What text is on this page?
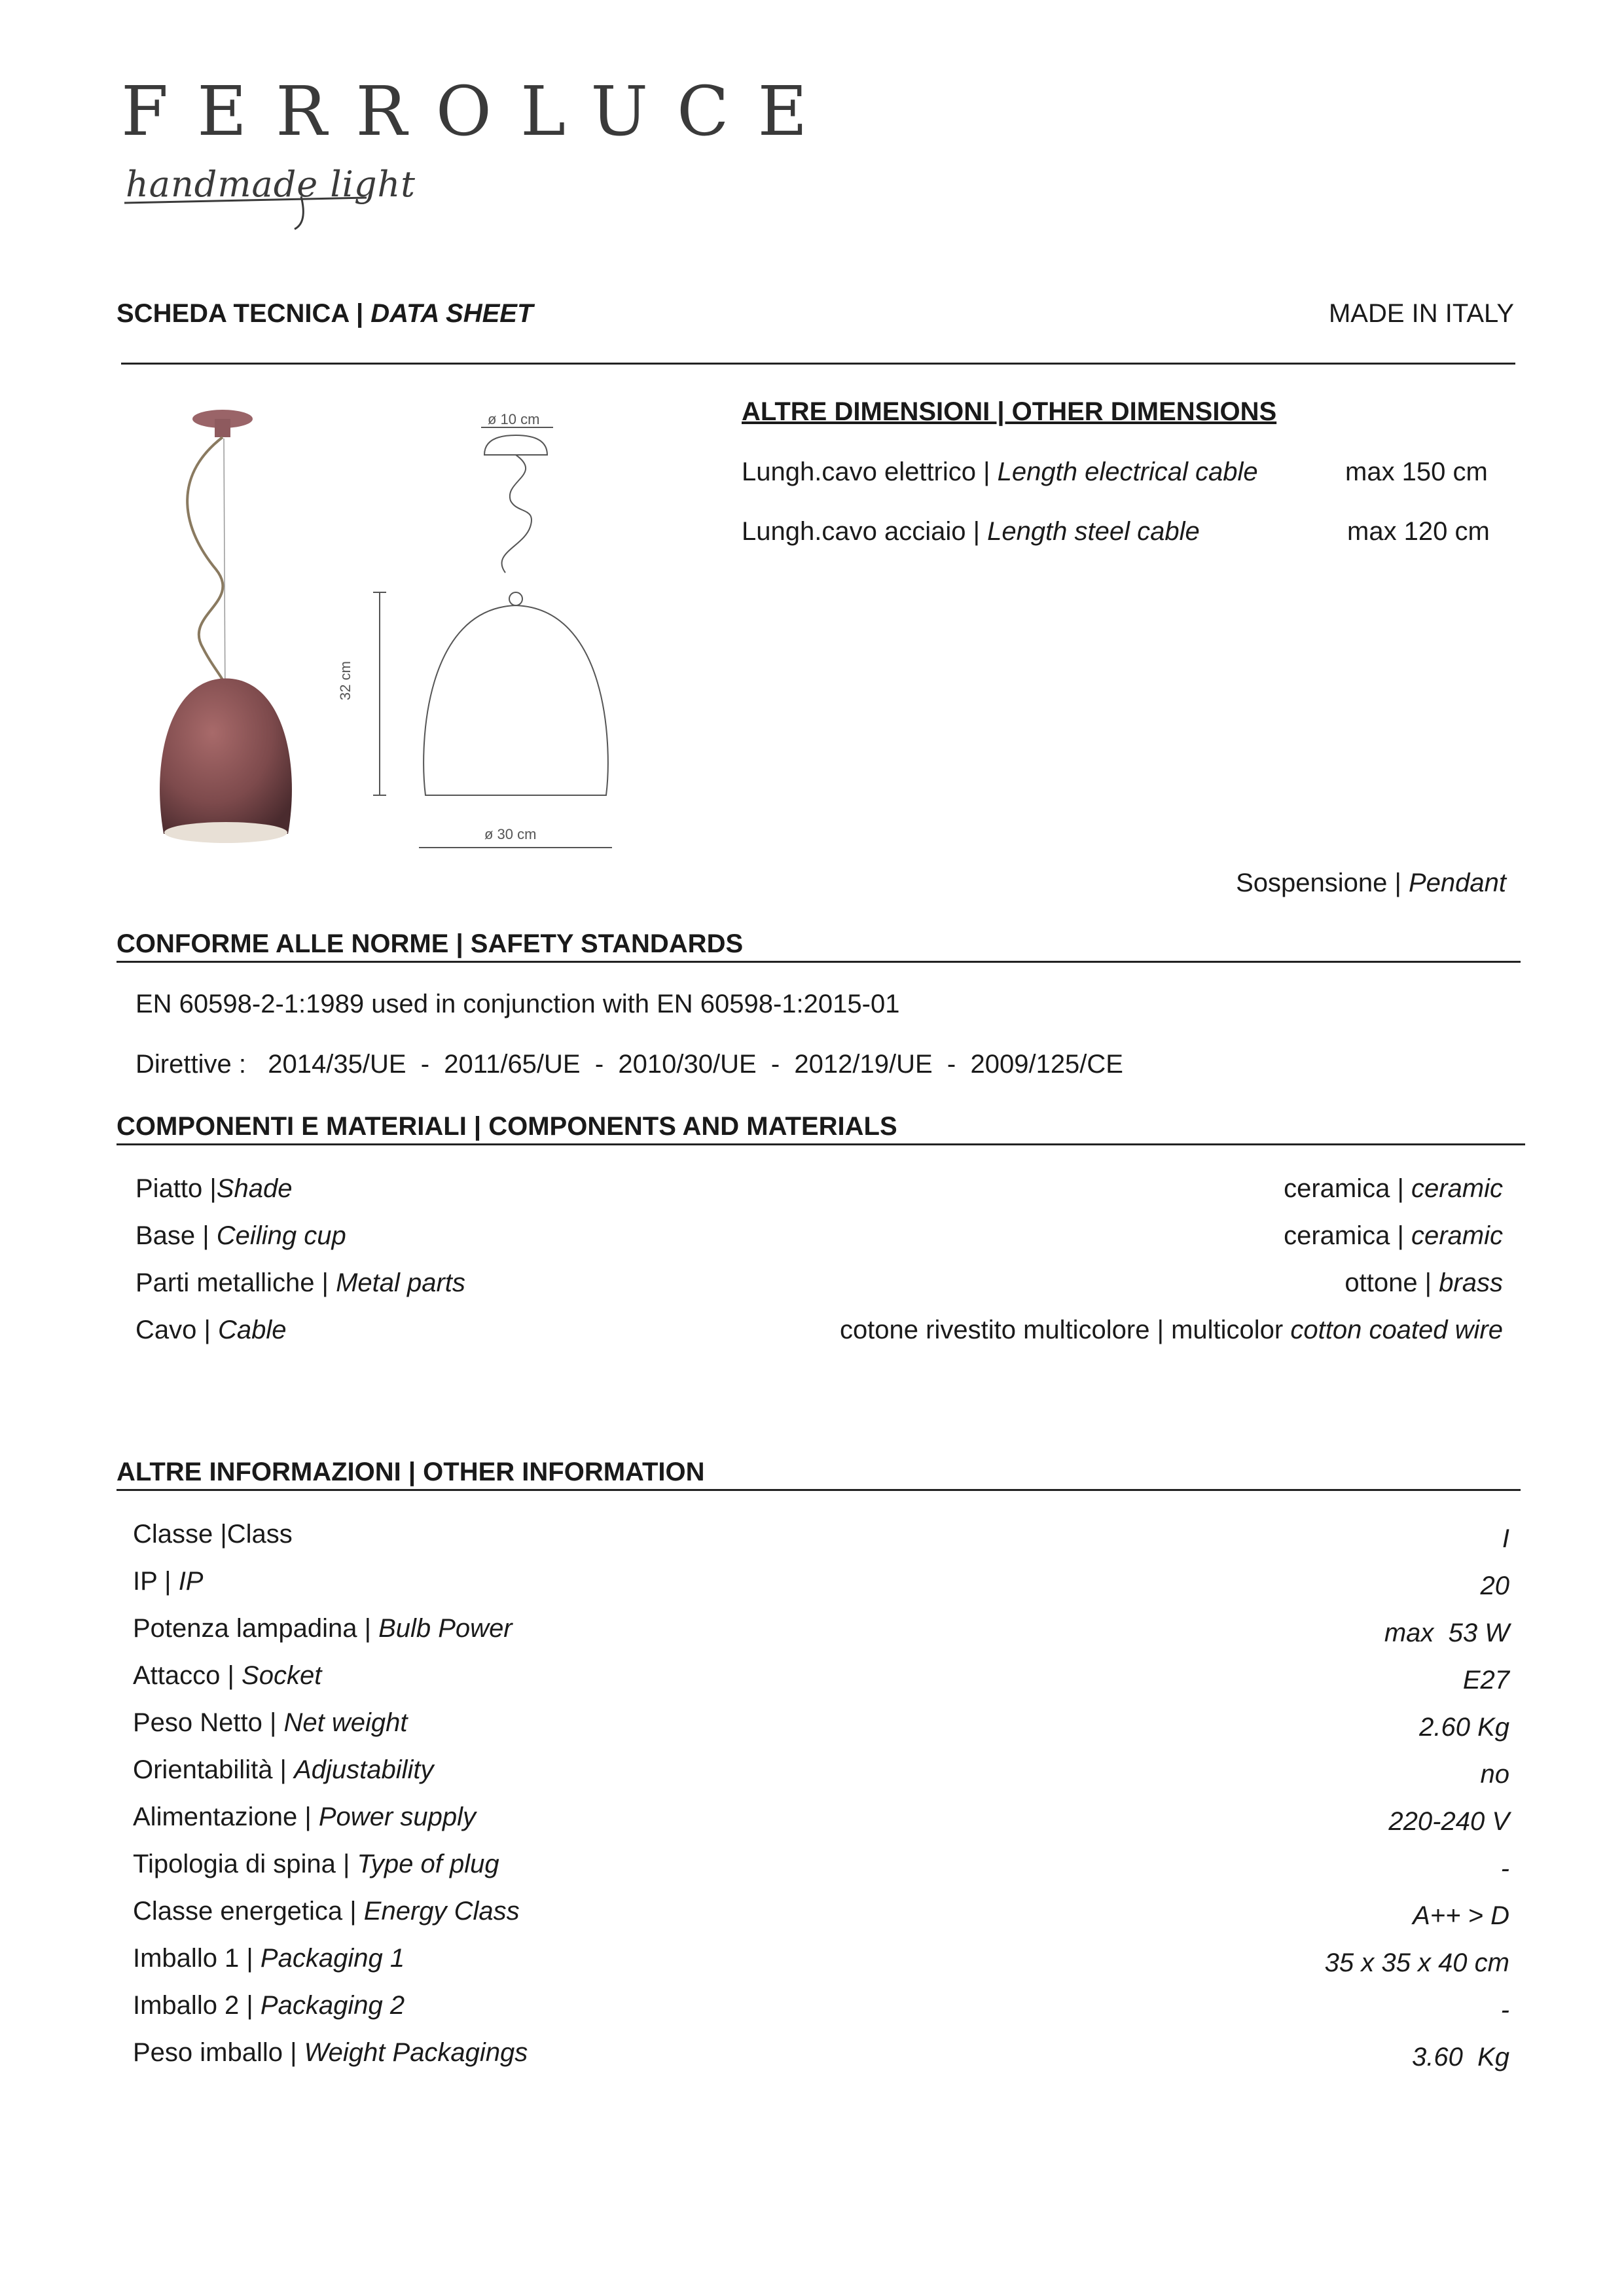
FERROLUCE
handmade light
SCHEDA TECNICA | DATA SHEET	MADE IN ITALY
ø 10 cm
32 cm
ø 30 cm
ALTRE DIMENSIONI | OTHER DIMENSIONS
Lungh.cavo elettrico | Length electrical cable	max 150 cm
Lungh.cavo acciaio | Length steel cable	max 120 cm
Sospensione | Pendant
CONFORME ALLE NORME | SAFETY STANDARDS
EN 60598-2-1:1989 used in conjunction with EN 60598-1:2015-01
Direttive :   2014/35/UE  -  2011/65/UE  -  2010/30/UE  -  2012/19/UE  -  2009/125/CE
COMPONENTI E MATERIALI | COMPONENTS AND MATERIALS
Piatto |Shade	ceramica | ceramic
Base | Ceiling cup	ceramica | ceramic
Parti metalliche | Metal parts	ottone | brass
Cavo | Cable	cotone rivestito multicolore | multicolor cotton coated wire
ALTRE INFORMAZIONI | OTHER INFORMATION
Classe |Class	I
IP | IP	20
Potenza lampadina | Bulb Power	max  53 W
Attacco | Socket	E27
Peso Netto | Net weight	2.60 Kg
Orientabilità | Adjustability	no
Alimentazione | Power supply	220-240 V
Tipologia di spina | Type of plug	-
Classe energetica | Energy Class	A++ > D
Imballo 1 | Packaging 1	35 x 35 x 40 cm
Imballo 2 | Packaging 2	-
Peso imballo | Weight Packagings	3.60  Kg
